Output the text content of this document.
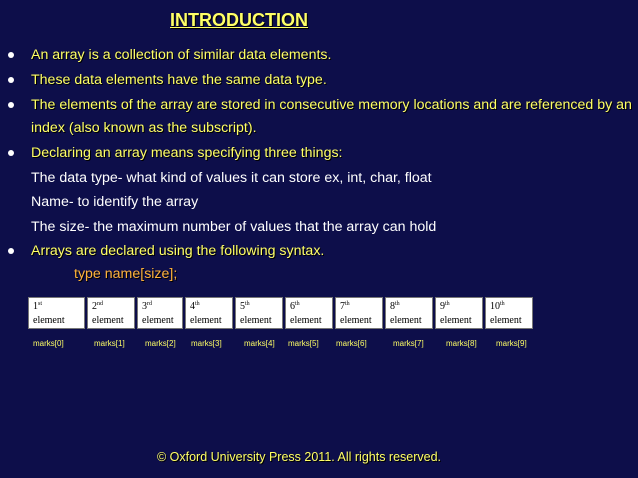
INTRODUCTION
An array is a collection of similar data elements.
These data elements have the same data type.
The elements of the array are stored in consecutive memory locations and are referenced by an
index (also known as the subscript).
Declaring an array means specifying three things:
The data type- what kind of values it can store ex, int, char, float
Name- to identify the array
The size- the maximum number of values that the array can hold
Arrays are declared using the following syntax.
type name[size];
1st
element
2nd
element
3rd
element
4th
element
5th
element
6th
element
7th
element
8th
element
9th
element
10th
element
marks[0]	marks[1]	marks[2] marks[3]	marks[4] marks[5] marks[6]	marks[7]	marks[8] marks[9]
© Oxford University Press 2011. All rights reserved.
